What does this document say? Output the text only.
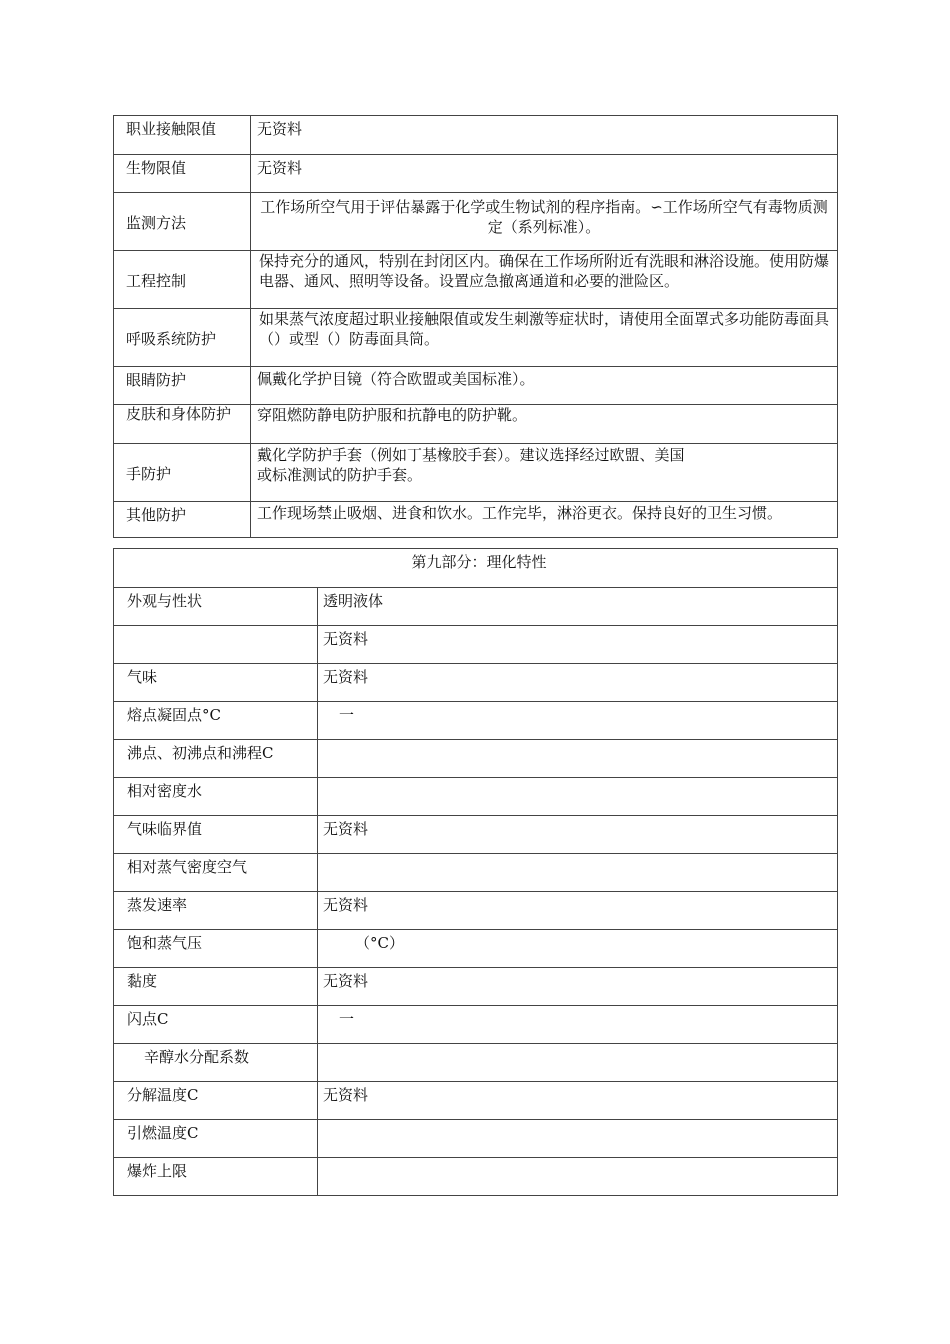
职业接触限值	无资料
生物限值	无资料
监测方法	工作场所空气用于评估暴露于化学或生物试剂的程序指南。∽工作场所空气有毒物质测定（系列标准）。
工程控制	保持充分的通风，特别在封闭区内。确保在工作场所附近有洗眼和淋浴设施。使用防爆电器、通风、照明等设备。设置应急撤离通道和必要的泄险区。
呼吸系统防护	如果蒸气浓度超过职业接触限值或发生刺激等症状时，请使用全面罩式多功能防毒面具（）或型（）防毒面具筒。
眼睛防护	佩戴化学护目镜（符合欧盟或美国标准）。
皮肤和身体防护	穿阻燃防静电防护服和抗静电的防护靴。
手防护	戴化学防护手套（例如丁基橡胶手套）。建议选择经过欧盟、美国
或标准测试的防护手套。

其他防护	工作现场禁止吸烟、进食和饮水。工作完毕，淋浴更衣。保持良好的卫生习惯。
第九部分：理化特性	
外观与性状	透明液体
	无资料
气味	无资料
熔点凝固点°C	一
沸点、初沸点和沸程C	
相对密度水	
气味临界值	无资料
相对蒸气密度空气	
蒸发速率	无资料
饱和蒸气压	（°C）
黏度	无资料
闪点C	一
辛醇水分配系数	
分解温度C	无资料
引燃温度C	
爆炸上限	
